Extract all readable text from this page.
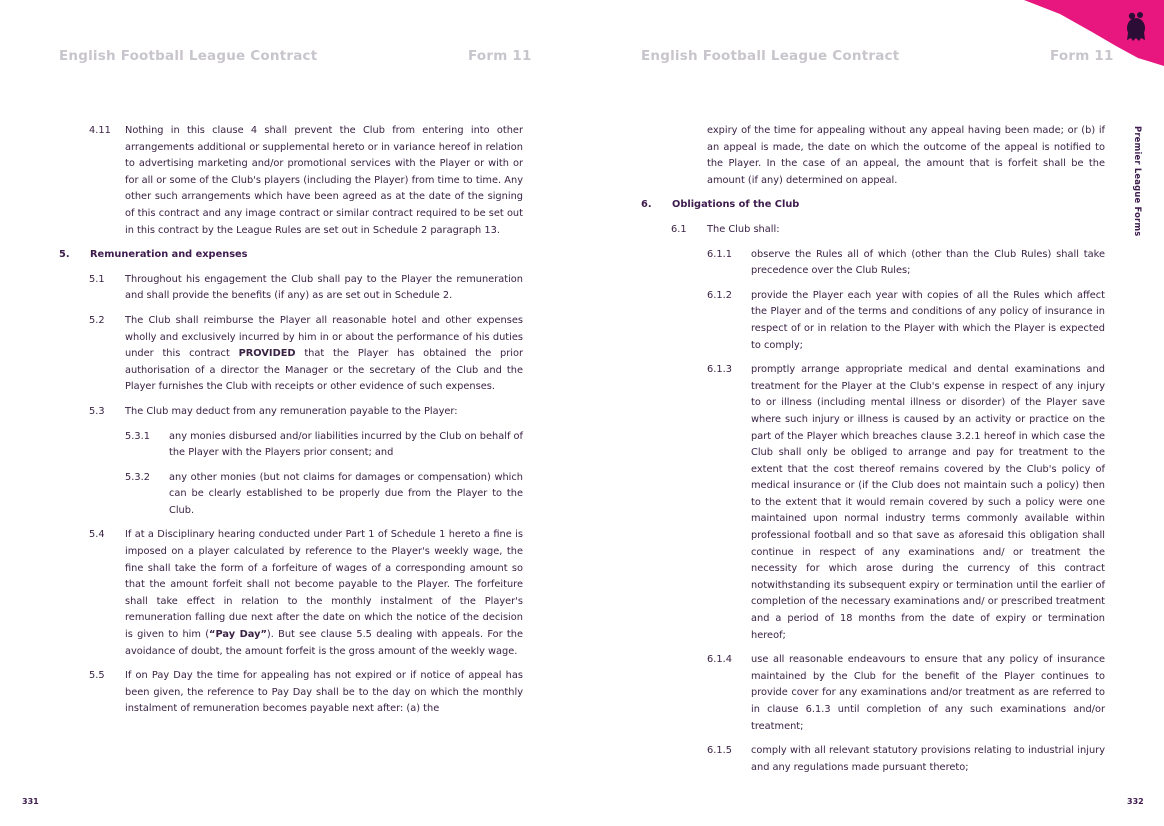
English Football League Contract	Form 11	English Football League Contract	Form 11
Premier League Forms
4.11	Nothing in this clause 4 shall prevent the Club from entering into other arrangements additional or supplemental hereto or in variance hereof in relation to advertising marketing and/or promotional services with the Player or with or for all or some of the Club's players (including the Player) from time to time. Any other such arrangements which have been agreed as at the date of the signing of this contract and any image contract or similar contract required to be set out in this contract by the League Rules are set out in Schedule 2 paragraph 13.
5.	Remuneration and expenses
5.1	Throughout his engagement the Club shall pay to the Player the remuneration and shall provide the benefits (if any) as are set out in Schedule 2.
5.2	The Club shall reimburse the Player all reasonable hotel and other expenses wholly and exclusively incurred by him in or about the performance of his duties under this contract PROVIDED that the Player has obtained the prior authorisation of a director the Manager or the secretary of the Club and the Player furnishes the Club with receipts or other evidence of such expenses.
5.3	The Club may deduct from any remuneration payable to the Player:
5.3.1	any monies disbursed and/or liabilities incurred by the Club on behalf of the Player with the Players prior consent; and
5.3.2	any other monies (but not claims for damages or compensation) which can be clearly established to be properly due from the Player to the Club.
5.4	If at a Disciplinary hearing conducted under Part 1 of Schedule 1 hereto a fine is imposed on a player calculated by reference to the Player's weekly wage, the fine shall take the form of a forfeiture of wages of a corresponding amount so that the amount forfeit shall not become payable to the Player. The forfeiture shall take effect in relation to the monthly instalment of the Player's remuneration falling due next after the date on which the notice of the decision is given to him (“Pay Day”). But see clause 5.5 dealing with appeals. For the avoidance of doubt, the amount forfeit is the gross amount of the weekly wage.
5.5	If on Pay Day the time for appealing has not expired or if notice of appeal has been given, the reference to Pay Day shall be to the day on which the monthly instalment of remuneration becomes payable next after: (a) the
expiry of the time for appealing without any appeal having been made; or (b) if an appeal is made, the date on which the outcome of the appeal is notified to the Player. In the case of an appeal, the amount that is forfeit shall be the amount (if any) determined on appeal.
6.	Obligations of the Club
6.1	The Club shall:
6.1.1	observe the Rules all of which (other than the Club Rules) shall take precedence over the Club Rules;
6.1.2	provide the Player each year with copies of all the Rules which affect the Player and of the terms and conditions of any policy of insurance in respect of or in relation to the Player with which the Player is expected to comply;
6.1.3	promptly arrange appropriate medical and dental examinations and treatment for the Player at the Club's expense in respect of any injury to or illness (including mental illness or disorder) of the Player save where such injury or illness is caused by an activity or practice on the part of the Player which breaches clause 3.2.1 hereof in which case the Club shall only be obliged to arrange and pay for treatment to the extent that the cost thereof remains covered by the Club's policy of medical insurance or (if the Club does not maintain such a policy) then to the extent that it would remain covered by such a policy were one maintained upon normal industry terms commonly available within professional football and so that save as aforesaid this obligation shall continue in respect of any examinations and/ or treatment the necessity for which arose during the currency of this contract notwithstanding its subsequent expiry or termination until the earlier of completion of the necessary examinations and/ or prescribed treatment and a period of 18 months from the date of expiry or termination hereof;
6.1.4	use all reasonable endeavours to ensure that any policy of insurance maintained by the Club for the benefit of the Player continues to provide cover for any examinations and/or treatment as are referred to in clause 6.1.3 until completion of any such examinations and/or treatment;
6.1.5	comply with all relevant statutory provisions relating to industrial injury and any regulations made pursuant thereto;
331	332
